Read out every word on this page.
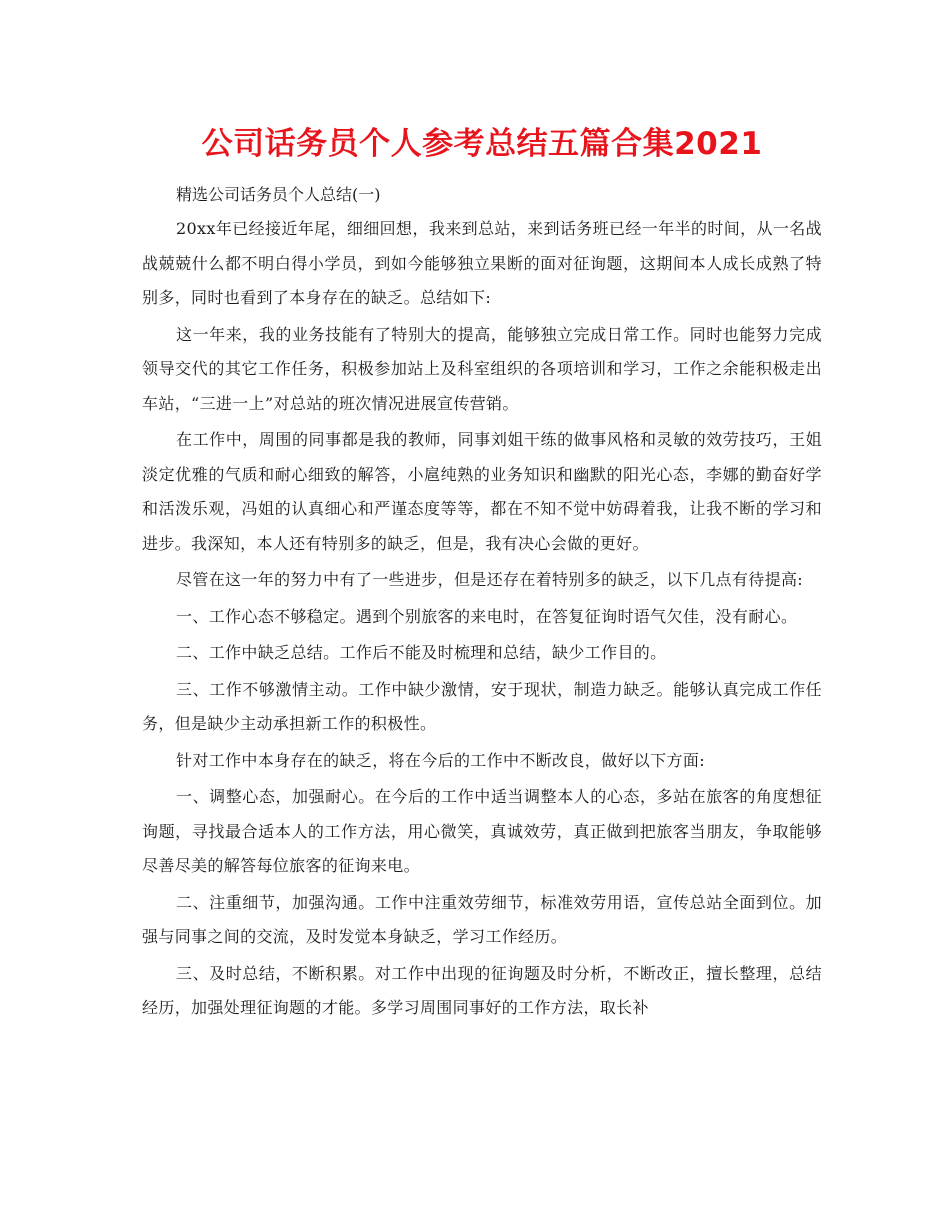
公司话务员个人参考总结五篇合集2021

精选公司话务员个人总结(一)

20xx年已经接近年尾，细细回想，我来到总站，来到话务班已经一年半的时间，从一名战战兢兢什么都不明白得小学员，到如今能够独立果断的面对征询题，这期间本人成长成熟了特别多，同时也看到了本身存在的缺乏。总结如下:

这一年来，我的业务技能有了特别大的提高，能够独立完成日常工作。同时也能努力完成领导交代的其它工作任务，积极参加站上及科室组织的各项培训和学习，工作之余能积极走出车站，“三进一上”对总站的班次情况进展宣传营销。

在工作中，周围的同事都是我的教师，同事刘姐干练的做事风格和灵敏的效劳技巧，王姐淡定优雅的气质和耐心细致的解答，小扈纯熟的业务知识和幽默的阳光心态，李娜的勤奋好学和活泼乐观，冯姐的认真细心和严谨态度等等，都在不知不觉中妨碍着我，让我不断的学习和进步。我深知，本人还有特别多的缺乏，但是，我有决心会做的更好。

尽管在这一年的努力中有了一些进步，但是还存在着特别多的缺乏，以下几点有待提高:

一、工作心态不够稳定。遇到个别旅客的来电时，在答复征询时语气欠佳，没有耐心。

二、工作中缺乏总结。工作后不能及时梳理和总结，缺少工作目的。

三、工作不够激情主动。工作中缺少激情，安于现状，制造力缺乏。能够认真完成工作任务，但是缺少主动承担新工作的积极性。

针对工作中本身存在的缺乏，将在今后的工作中不断改良，做好以下方面:

一、调整心态，加强耐心。在今后的工作中适当调整本人的心态，多站在旅客的角度想征询题，寻找最合适本人的工作方法，用心微笑，真诚效劳，真正做到把旅客当朋友，争取能够尽善尽美的解答每位旅客的征询来电。

二、注重细节，加强沟通。工作中注重效劳细节，标准效劳用语，宣传总站全面到位。加强与同事之间的交流，及时发觉本身缺乏，学习工作经历。

三、及时总结，不断积累。对工作中出现的征询题及时分析，不断改正，擅长整理，总结经历，加强处理征询题的才能。多学习周围同事好的工作方法，取长补
